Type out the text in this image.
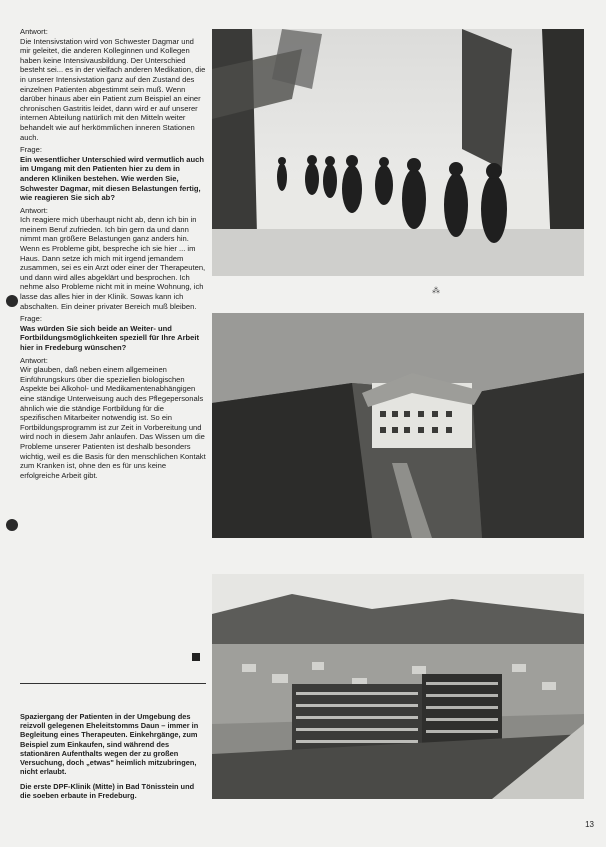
Antwort:

Die Intensivstation wird von Schwester Dagmar und mir geleitet, die anderen Kolleginnen und Kollegen haben keine Intensivausbildung. Der Unterschied besteht sei... es in der vielfach anderen Medikation, die in unserer Intensivstation ganz auf den Zustand des einzelnen Patienten abgestimmt sein muß. Wenn darüber hinaus aber ein Patient zum Beispiel an einer chronischen Gastritis leidet, dann wird er auf unserer internen Abteilung natürlich mit den Mitteln weiter behandelt wie auf herkömmlichen inneren Stationen auch.

Frage:

Ein wesentlicher Unterschied wird vermutlich auch im Umgang mit den Patienten hier zu dem in anderen Kliniken bestehen. Wie werden Sie, Schwester Dagmar, mit diesen Belastungen fertig, wie reagieren Sie sich ab?

Antwort:

Ich reagiere mich überhaupt nicht ab, denn ich bin in meinem Beruf zufrieden. Ich bin gern da und dann nimmt man größere Belastungen ganz anders hin. Wenn es Probleme gibt, bespreche ich sie hier ... im Haus. Dann setze ich mich mit irgend jemandem zusammen, sei es ein Arzt oder einer der Therapeuten, und dann wird alles abgeklärt und besprochen. Ich nehme also Probleme nicht mit in meine Wohnung, ich lasse das alles hier in der Klinik. Sowas kann ich abschalten. Ein deiner privater Bereich muß bleiben.

Frage:

Was würden Sie sich beide an Weiter- und Fortbildungsmöglichkeiten speziell für Ihre Arbeit hier in Fredeburg wünschen?

Antwort:

Wir glauben, daß neben einem allgemeinen Einführungskurs über die speziellen biologischen Aspekte bei Alkohol- und Medikamentenabhängigen eine ständige Unterweisung auch des Pflegepersonals ähnlich wie die ständige Fortbildung für die spezifischen Mitarbeiter notwendig ist. So ein Fortbildungsprogramm ist zur Zeit in Vorbereitung und wird noch in diesem Jahr anlaufen. Das Wissen um die Probleme unserer Patienten ist deshalb besonders wichtig, weil es die Basis für den menschlichen Kontakt zum Kranken ist, ohne den es für uns keine erfolgreiche Arbeit gibt.

⁂
Spaziergang der Patienten in der Umgebung des reizvoll gelegenen Eheleitstomms Daun – immer in Begleitung eines Therapeuten. Einkehrgänge, zum Beispiel zum Einkaufen, sind während des stationären Aufenthalts wegen der zu großen Versuchung, doch „etwas" heimlich mitzubringen, nicht erlaubt.
Die erste DPF-Klinik (Mitte) in Bad Tönisstein und die soeben erbaute in Fredeburg.
13
